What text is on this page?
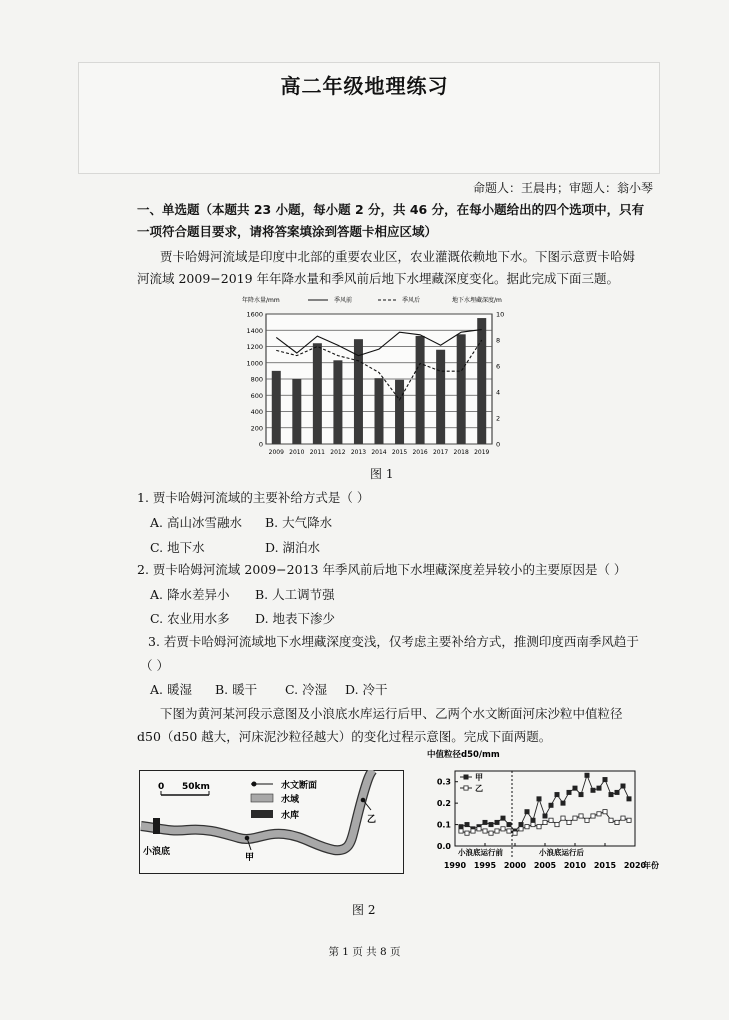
高二年级地理练习
命题人：王晨冉；审题人：翁小琴
一、单选题（本题共 23 小题，每小题 2 分，共 46 分，在每小题给出的四个选项中，只有
一项符合题目要求，请将答案填涂到答题卡相应区域）
贾卡哈姆河流域是印度中北部的重要农业区，农业灌溉依赖地下水。下图示意贾卡哈姆
河流域 2009−2019 年年降水量和季风前后地下水埋藏深度变化。据此完成下面三题。
0
200
400
600
800
1000
1200
1400
1600
0
2
4
6
8
10
2009 2010 2011 2012 2013 2014 2015 2016 2017 2018 2019
年降水量/mm	季风前	季风后	地下水埋藏深度/m
图 1
1. 贾卡哈姆河流域的主要补给方式是（ ）
A. 高山冰雪融水 B. 大气降水
C. 地下水	D. 湖泊水
2. 贾卡哈姆河流域 2009−2013 年季风前后地下水埋藏深度差异较小的主要原因是（ ）
A. 降水差异小 B. 人工调节强
C. 农业用水多 D. 地表下渗少
3. 若贾卡哈姆河流域地下水埋藏深度变浅，仅考虑主要补给方式，推测印度西南季风趋于
（ ）
A. 暖湿 B. 暖干 C. 冷湿 D. 冷干
下图为黄河某河段示意图及小浪底水库运行后甲、乙两个水文断面河床沙粒中值粒径
d50（d50 越大，河床泥沙粒径越大）的变化过程示意图。完成下面两题。
0 50km	水文断面
水域
水库
小浪底
甲
乙
中值粒径d50/mm
0.0
0.1
0.2
0.3
1990 1995 2000 2005 2010 2015 2020
年份
小浪底运行前	小浪底运行后
甲
乙
图 2
第 1 页 共 8 页
